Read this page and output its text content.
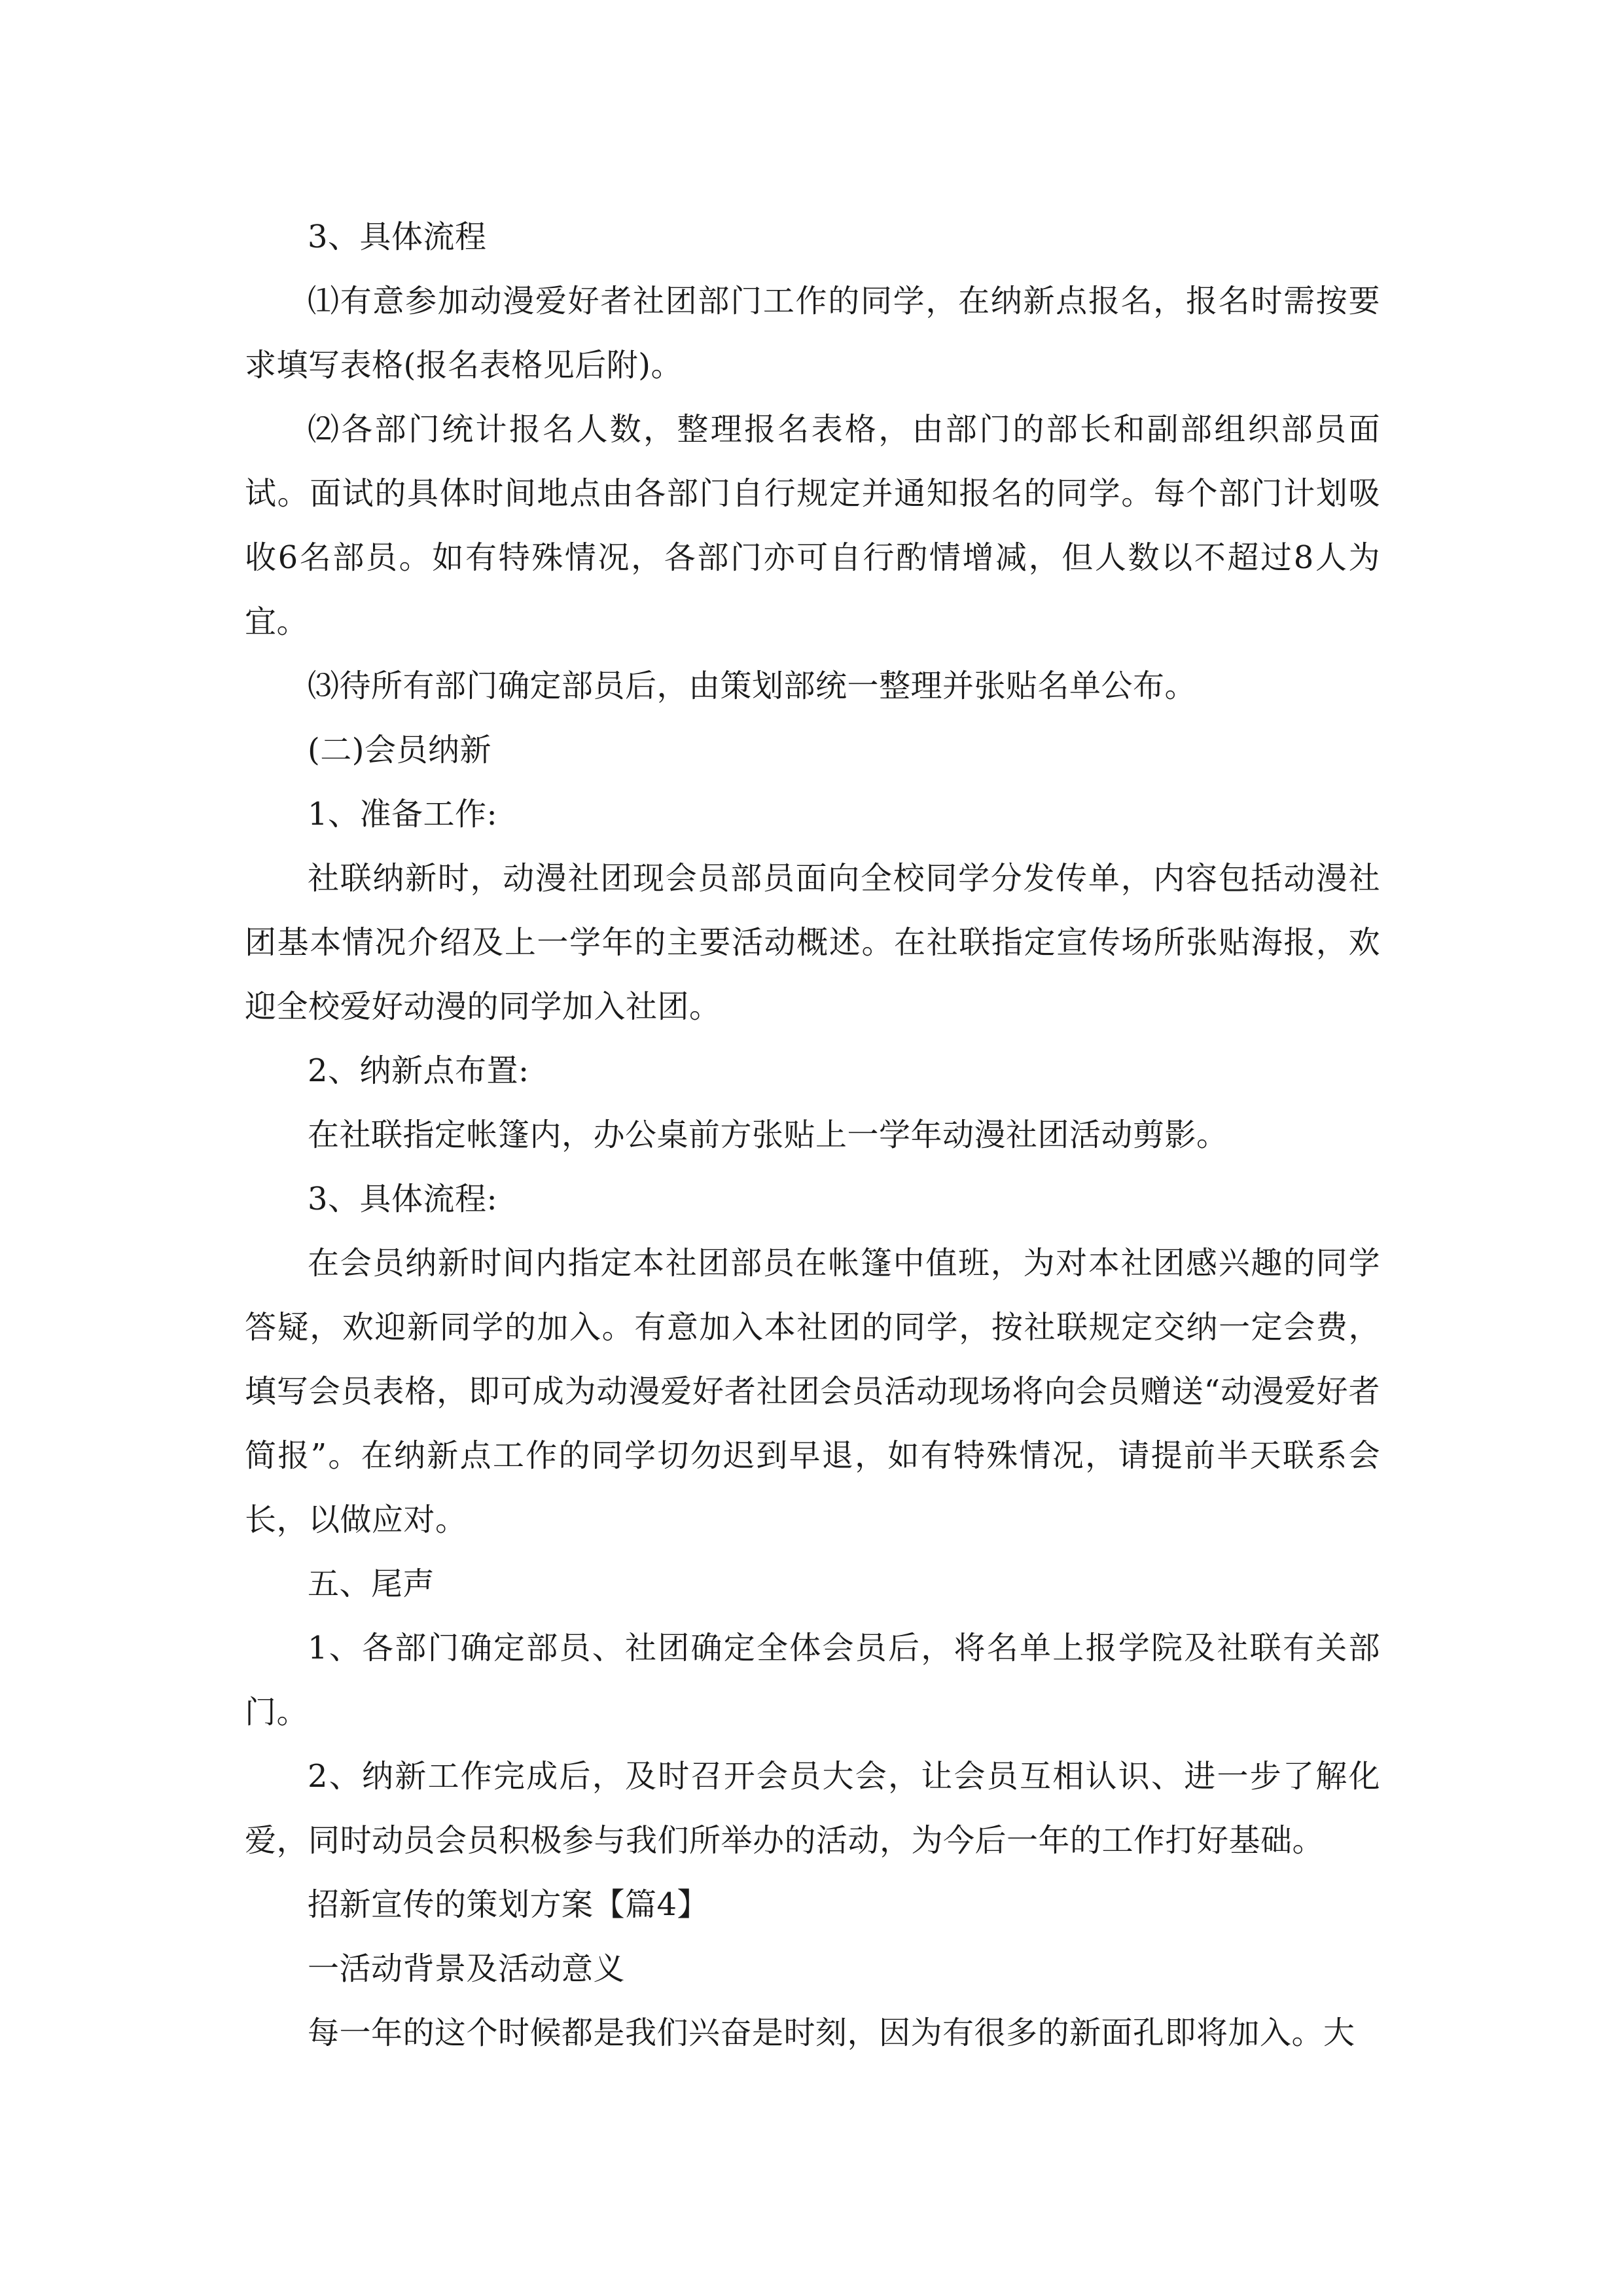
3、具体流程

⑴有意参加动漫爱好者社团部门工作的同学，在纳新点报名，报名时需按要求填写表格(报名表格见后附)。

⑵各部门统计报名人数，整理报名表格，由部门的部长和副部组织部员面试。面试的具体时间地点由各部门自行规定并通知报名的同学。每个部门计划吸收6名部员。如有特殊情况，各部门亦可自行酌情增减，但人数以不超过8人为宜。

⑶待所有部门确定部员后，由策划部统一整理并张贴名单公布。

(二)会员纳新

1、准备工作:

社联纳新时，动漫社团现会员部员面向全校同学分发传单，内容包括动漫社团基本情况介绍及上一学年的主要活动概述。在社联指定宣传场所张贴海报，欢迎全校爱好动漫的同学加入社团。

2、纳新点布置:

在社联指定帐篷内，办公桌前方张贴上一学年动漫社团活动剪影。

3、具体流程:

在会员纳新时间内指定本社团部员在帐篷中值班，为对本社团感兴趣的同学答疑，欢迎新同学的加入。有意加入本社团的同学，按社联规定交纳一定会费，填写会员表格，即可成为动漫爱好者社团会员活动现场将向会员赠送“动漫爱好者简报”。在纳新点工作的同学切勿迟到早退，如有特殊情况，请提前半天联系会长，以做应对。

五、尾声

1、各部门确定部员、社团确定全体会员后，将名单上报学院及社联有关部门。

2、纳新工作完成后，及时召开会员大会，让会员互相认识、进一步了解化爱，同时动员会员积极参与我们所举办的活动，为今后一年的工作打好基础。

招新宣传的策划方案【篇4】

一活动背景及活动意义

每一年的这个时候都是我们兴奋是时刻，因为有很多的新面孔即将加入。大
